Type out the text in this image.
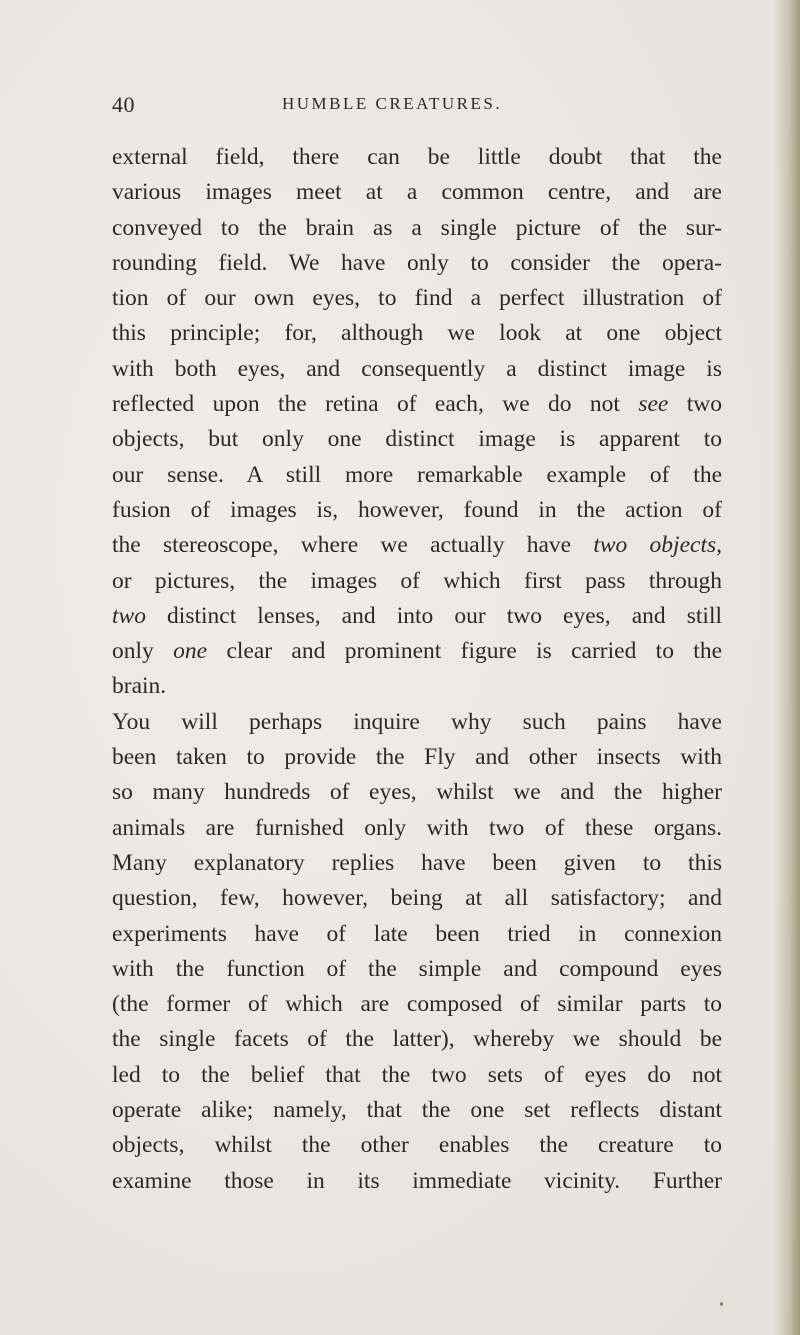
40	HUMBLE CREATURES.
external field, there can be little doubt that the
various images meet at a common centre, and are
conveyed to the brain as a single picture of the sur-
rounding field. We have only to consider the opera-
tion of our own eyes, to find a perfect illustration of
this principle; for, although we look at one object
with both eyes, and consequently a distinct image is
reflected upon the retina of each, we do not see two
objects, but only one distinct image is apparent to
our sense. A still more remarkable example of the
fusion of images is, however, found in the action of
the stereoscope, where we actually have two objects,
or pictures, the images of which first pass through
two distinct lenses, and into our two eyes, and still
only one clear and prominent figure is carried to the
brain.
You will perhaps inquire why such pains have
been taken to provide the Fly and other insects with
so many hundreds of eyes, whilst we and the higher
animals are furnished only with two of these organs.
Many explanatory replies have been given to this
question, few, however, being at all satisfactory; and
experiments have of late been tried in connexion
with the function of the simple and compound eyes
(the former of which are composed of similar parts to
the single facets of the latter), whereby we should be
led to the belief that the two sets of eyes do not
operate alike; namely, that the one set reflects distant
objects, whilst the other enables the creature to
examine those in its immediate vicinity. Further
